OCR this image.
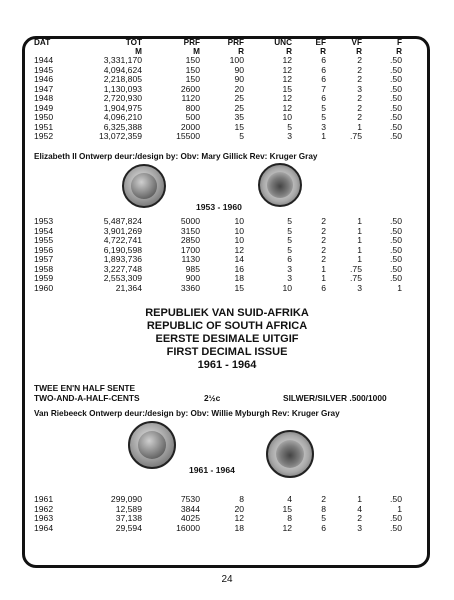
DAT	TOT	PRF	PRF	UNC	EF	VF	F
	M	M	R	R	R	R	R
1944	3,331,170	150	100	12	6	2	.50
1945	4,094,624	150	90	12	6	2	.50
1946	2,218,805	150	90	12	6	2	.50
1947	1,130,093	2600	20	15	7	3	.50
1948	2,720,930	1120	25	12	6	2	.50
1949	1,904,975	800	25	12	5	2	.50
1950	4,096,210	500	35	10	5	2	.50
1951	6,325,388	2000	15	5	3	1	.50
1952	13,072,359	15500	5	3	1	.75	.50
Elizabeth II Ontwerp deur:/design by: Obv: Mary Gillick Rev: Kruger Gray
1953 - 1960
1953	5,487,824	5000	10	5	2	1	.50
1954	3,901,269	3150	10	5	2	1	.50
1955	4,722,741	2850	10	5	2	1	.50
1956	6,190,598	1700	12	5	2	1	.50
1957	1,893,736	1130	14	6	2	1	.50
1958	3,227,748	985	16	3	1	.75	.50
1959	2,553,309	900	18	3	1	.75	.50
1960	21,364	3360	15	10	6	3	1
REPUBLIEK VAN SUID-AFRIKA
REPUBLIC OF SOUTH AFRICA
EERSTE DESIMALE UITGIF
FIRST DECIMAL ISSUE
1961 - 1964
TWEE EN'N HALF SENTE
TWO-AND-A-HALF-CENTS	2½c	SILWER/SILVER .500/1000
Van Riebeeck Ontwerp deur:/design by: Obv: Willie Myburgh Rev: Kruger Gray
1961 - 1964
1961	299,090	7530	8	4	2	1	.50
1962	12,589	3844	20	15	8	4	1
1963	37,138	4025	12	8	5	2	.50
1964	29,594	16000	18	12	6	3	.50
24
